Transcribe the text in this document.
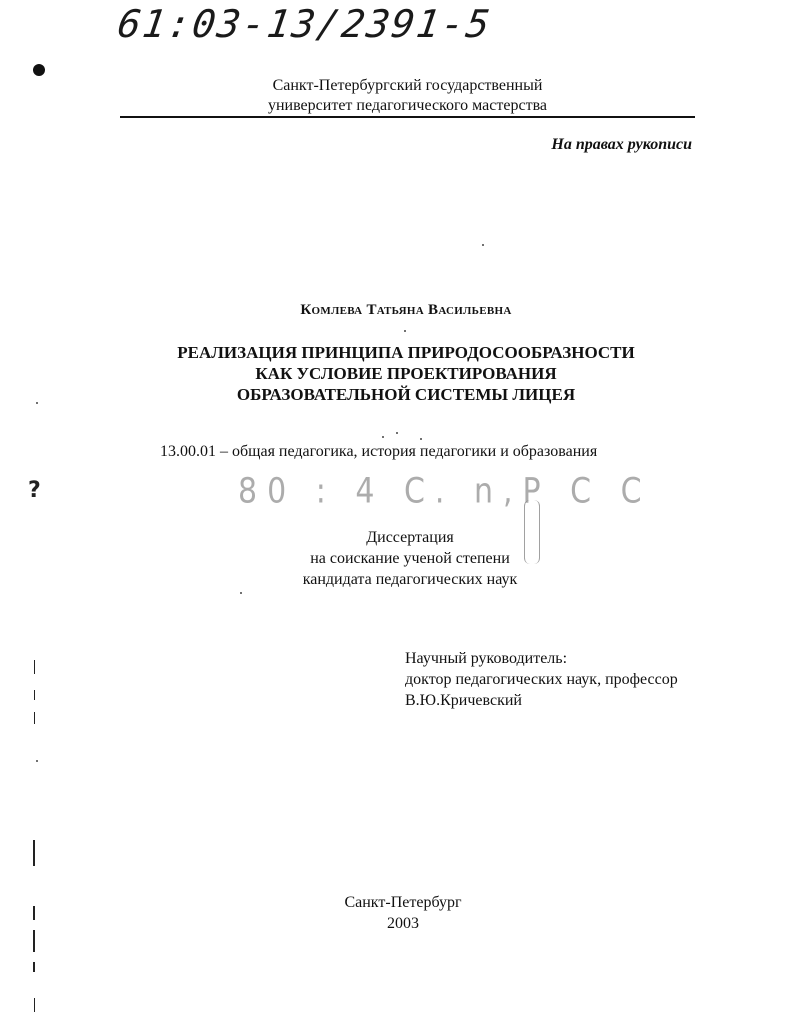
61:03-13/2391-5
Санкт-Петербургский государственный
университет педагогического мастерства
На правах рукописи
Комлева Татьяна Васильевна
РЕАЛИЗАЦИЯ ПРИНЦИПА ПРИРОДОСООБРАЗНОСТИ
КАК УСЛОВИЕ ПРОЕКТИРОВАНИЯ
ОБРАЗОВАТЕЛЬНОЙ СИСТЕМЫ ЛИЦЕЯ
13.00.01 – общая педагогика, история педагогики и образования
80 : 4 C. n,P C C
?
Диссертация
на соискание ученой степени
кандидата педагогических наук
Научный руководитель:
доктор педагогических наук, профессор
В.Ю.Кричевский
Санкт-Петербург
2003
